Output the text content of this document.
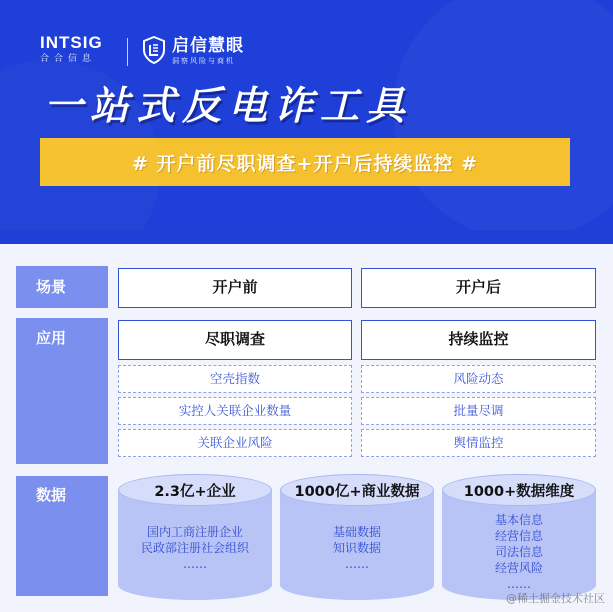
INTSIG
合合信息
启信慧眼
洞察风险与商机
一站式反电诈工具
# 开户前尽职调查+开户后持续监控 #
场景
应用
数据
开户前	开户后
尽职调查	持续监控
空壳指数
实控人关联企业数量
关联企业风险
风险动态
批量尽调
舆情监控
2.3亿+企业
国内工商注册企业
民政部注册社会组织
……
1000亿+商业数据
基础数据
知识数据
……
1000+数据维度
基本信息
经营信息
司法信息
经营风险
……
@稀土掘金技术社区
